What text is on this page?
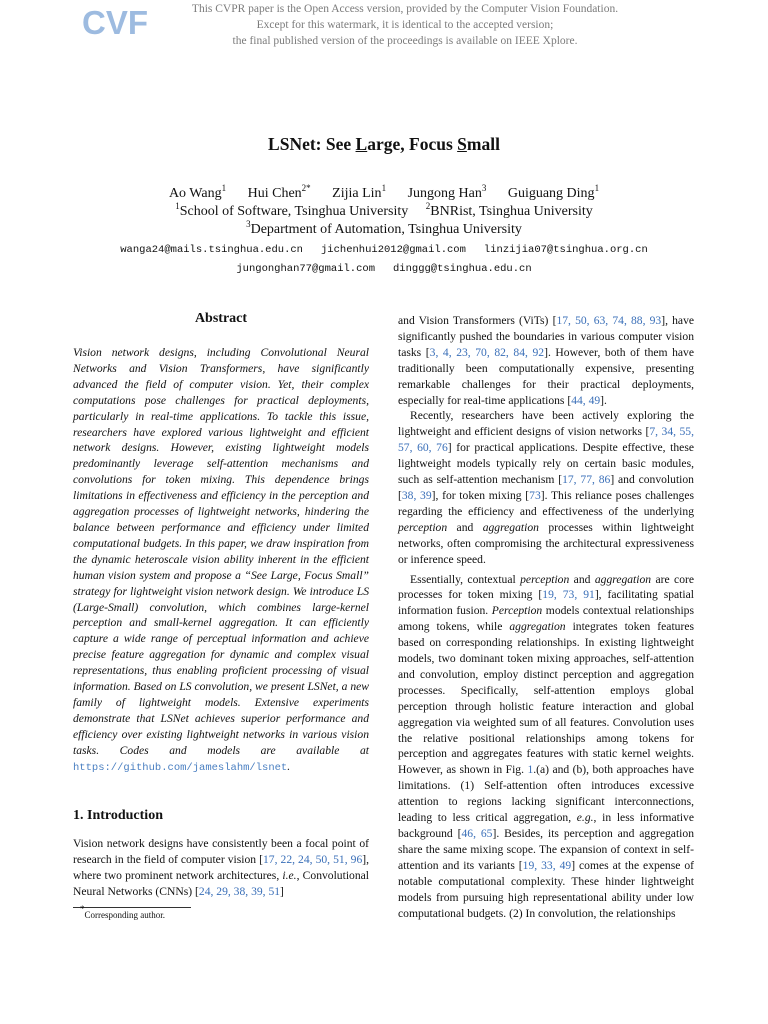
CVF	This CVPR paper is the Open Access version, provided by the Computer Vision Foundation.
Except for this watermark, it is identical to the accepted version;
the final published version of the proceedings is available on IEEE Xplore.
LSNet: See Large, Focus Small
Ao Wang$^1$ Hui Chen$^{2*}$ Zijia Lin$^1$ Jungong Han$^3$ Guiguang Ding$^1$
$^1$School of Software, Tsinghua University $^2$BNRist, Tsinghua University
$^3$Department of Automation, Tsinghua University
wanga24@mails.tsinghua.edu.cn jichenhui2012@gmail.com linzijia07@tsinghua.org.cn
jungonghan77@gmail.com dinggg@tsinghua.edu.cn
Abstract
Vision network designs, including Convolutional Neural Networks and Vision Transformers, have significantly advanced the field of computer vision. Yet, their complex computations pose challenges for practical deployments, particularly in real-time applications. To tackle this issue, researchers have explored various lightweight and efficient network designs. However, existing lightweight models predominantly leverage self-attention mechanisms and convolutions for token mixing. This dependence brings limitations in effectiveness and efficiency in the perception and aggregation processes of lightweight networks, hindering the balance between performance and efficiency under limited computational budgets. In this paper, we draw inspiration from the dynamic heteroscale vision ability inherent in the efficient human vision system and propose a “See Large, Focus Small” strategy for lightweight vision network design. We introduce LS (Large-Small) convolution, which combines large-kernel perception and small-kernel aggregation. It can efficiently capture a wide range of perceptual information and achieve precise feature aggregation for dynamic and complex visual representations, thus enabling proficient processing of visual information. Based on LS convolution, we present LSNet, a new family of lightweight models. Extensive experiments demonstrate that LSNet achieves superior performance and efficiency over existing lightweight networks in various vision tasks. Codes and models are available at https://github.com/jameslahm/lsnet.
1. Introduction
Vision network designs have consistently been a focal point of research in the field of computer vision [17, 22, 24, 50, 51, 96], where two prominent network architectures, i.e., Convolutional Neural Networks (CNNs) [24, 29, 38, 39, 51]
*Corresponding author.

and Vision Transformers (ViTs) [17, 50, 63, 74, 88, 93], have significantly pushed the boundaries in various computer vision tasks [3, 4, 23, 70, 82, 84, 92]. However, both of them have traditionally been computationally expensive, presenting remarkable challenges for their practical deployments, especially for real-time applications [44, 49].

Recently, researchers have been actively exploring the lightweight and efficient designs of vision networks [7, 34, 55, 57, 60, 76] for practical applications. Despite effective, these lightweight models typically rely on certain basic modules, such as self-attention mechanism [17, 77, 86] and convolution [38, 39], for token mixing [73]. This reliance poses challenges regarding the efficiency and effectiveness of the underlying perception and aggregation processes within lightweight networks, often compromising the architectural expressiveness or inference speed.

Essentially, contextual perception and aggregation are core processes for token mixing [19, 73, 91], facilitating spatial information fusion. Perception models contextual relationships among tokens, while aggregation integrates token features based on corresponding relationships. In existing lightweight models, two dominant token mixing approaches, self-attention and convolution, employ distinct perception and aggregation processes. Specifically, self-attention employs global perception through holistic feature interaction and global aggregation via weighted sum of all features. Convolution uses the relative positional relationships among tokens for perception and aggregates features with static kernel weights. However, as shown in Fig. 1.(a) and (b), both approaches have limitations. (1) Self-attention often introduces excessive attention to regions lacking significant interconnections, leading to less critical aggregation, e.g., in less informative background [46, 65]. Besides, its perception and aggregation share the same mixing scope. The expansion of context in self-attention and its variants [19, 33, 49] comes at the expense of notable computational complexity. These hinder lightweight models from pursuing high representational ability under low computational budgets. (2) In convolution, the relationships
